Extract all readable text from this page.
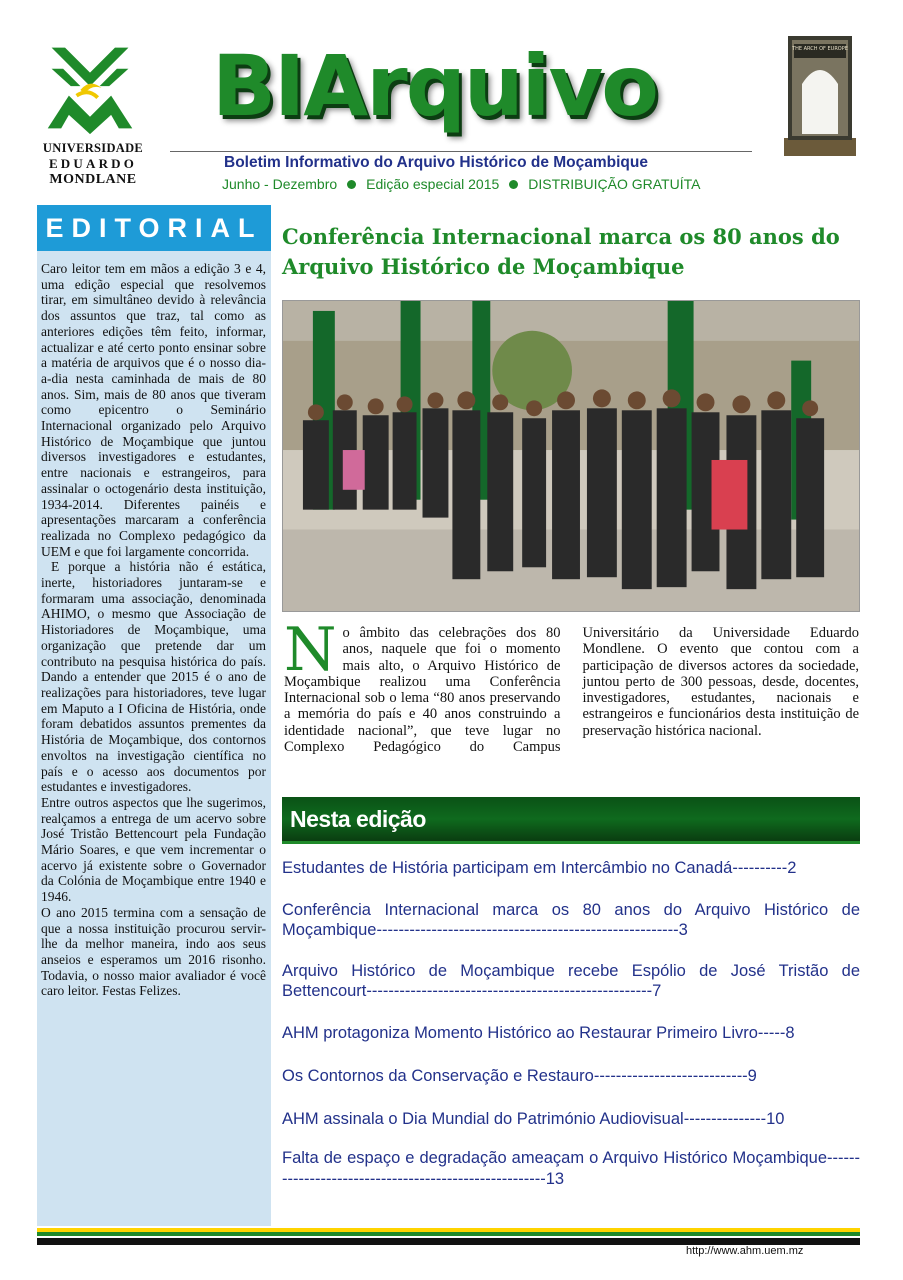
UNIVERSIDADE
EDUARDO
MONDLANE
BIArquivo
Boletim Informativo do Arquivo Histórico de Moçambique
Junho - Dezembro Edição especial 2015 DISTRIBUIÇÃO GRATUÍTA
THE ARCH OF EUROPE
EDITORIAL

Caro leitor tem em mãos a edição 3 e 4, uma edição especial que resolvemos tirar, em simultâneo devido à relevância dos assuntos que traz, tal como as anteriores edições têm feito, informar, actualizar e até certo ponto ensinar sobre a matéria de arquivos que é o nosso dia-a-dia nesta caminhada de mais de 80 anos. Sim, mais de 80 anos que tiveram como epicentro o Seminário Internacional organizado pelo Arquivo Histórico de Moçambique que juntou diversos investigadores e estudantes, entre nacionais e estrangeiros, para assinalar o octogenário desta instituição, 1934-2014. Diferentes painéis e apresentações marcaram a conferência realizada no Complexo pedagógico da UEM e que foi largamente concorrida.

E porque a história não é estática, inerte, historiadores juntaram-se e formaram uma associação, denominada AHIMO, o mesmo que Associação de Historiadores de Moçambique, uma organização que pretende dar um contributo na pesquisa histórica do país. Dando a entender que 2015 é o ano de realizações para historiadores, teve lugar em Maputo a I Oficina de História, onde foram debatidos assuntos prementes da História de Moçambique, dos contornos envoltos na investigação científica no país e o acesso aos documentos por estudantes e investigadores.

Entre outros aspectos que lhe sugerimos, realçamos a entrega de um acervo sobre José Tristão Bettencourt pela Fundação Mário Soares, e que vem incrementar o acervo já existente sobre o Governador da Colónia de Moçambique entre 1940 e 1946.

O ano 2015 termina com a sensação de que a nossa instituição procurou servir-lhe da melhor maneira, indo aos seus anseios e esperamos um 2016 risonho. Todavia, o nosso maior avaliador é você caro leitor. Festas Felizes.

Conferência Internacional marca os 80 anos do Arquivo Histórico de Moçambique
No âmbito das celebrações dos 80 anos, naquele que foi o momento mais alto, o Arquivo Histórico de Moçambique realizou uma Conferência Internacional sob o lema “80 anos preservando a memória do país e 40 anos construindo a identidade nacional”, que teve lugar no Complexo Pedagógico do Campus Universitário da Universidade Eduardo Mondlene. O evento que contou com a participação de diversos actores da sociedade, juntou perto de 300 pessoas, desde, docentes, investigadores, estudantes, nacionais e estrangeiros e funcionários desta instituição de preservação histórica nacional.
Nesta edição
Estudantes de História participam em Intercâmbio no Canadá----------2
Conferência Internacional marca os 80 anos do Arquivo Histórico de Moçambique-------------------------------------------------------3
Arquivo Histórico de Moçambique recebe Espólio de José Tristão de Bettencourt----------------------------------------------------7
AHM protagoniza Momento Histórico ao Restaurar Primeiro Livro-----8
Os Contornos da Conservação e Restauro----------------------------9
AHM assinala o Dia Mundial do Património Audiovisual---------------10
Falta de espaço e degradação ameaçam o Arquivo Histórico Moçambique------------------------------------------------------13
http://www.ahm.uem.mz
